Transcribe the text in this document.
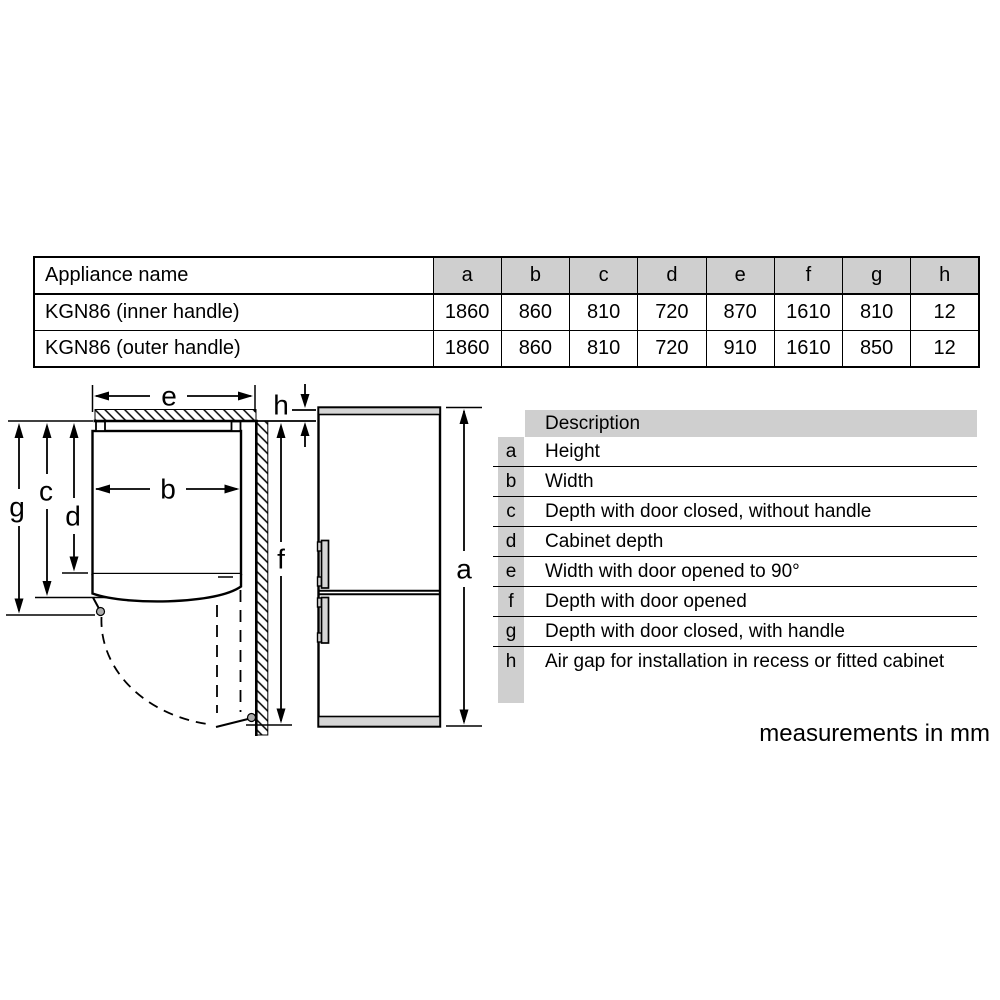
Appliance name	a	b	c	d	e	f	g	h
KGN86 (inner handle)	1860	860	810	720	870	1610	810	12
KGN86 (outer handle)	1860	860	810	720	910	1610	850	12
e	h
b
g
c
d
f	a
Description
a	Height
b	Width
c	Depth with door closed, without handle
d	Cabinet depth
e	Width with door opened to 90°
f	Depth with door opened
g	Depth with door closed, with handle
h	Air gap for installation in recess or fitted cabinet
measurements in mm
